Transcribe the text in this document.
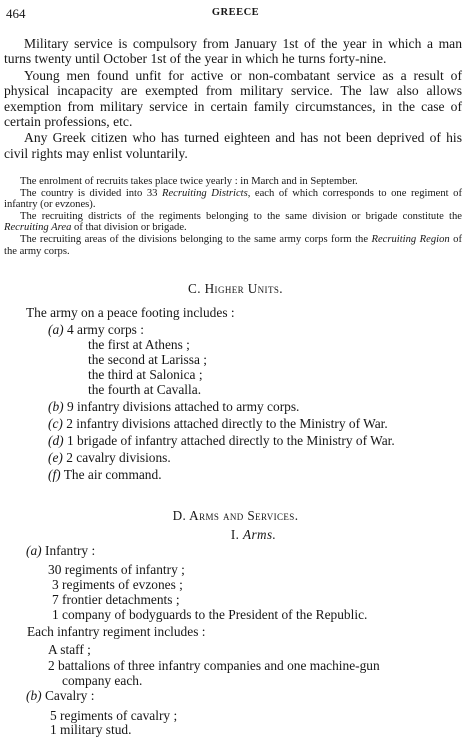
464	GREECE

Military service is compulsory from January 1st of the year in which a man turns twenty until October 1st of the year in which he turns forty-nine.

Young men found unfit for active or non-combatant service as a result of physical incapacity are exempted from military service. The law also allows exemption from military service in certain family circumstances, in the case of certain professions, etc.

Any Greek citizen who has turned eighteen and has not been deprived of his civil rights may enlist voluntarily.

The enrolment of recruits takes place twice yearly : in March and in September.

The country is divided into 33 Recruiting Districts, each of which corresponds to one regiment of infantry (or evzones).

The recruiting districts of the regiments belonging to the same division or brigade constitute the Recruiting Area of that division or brigade.

The recruiting areas of the divisions belonging to the same army corps form the Recruiting Region of the army corps.

C. Higher Units.
The army on a peace footing includes :
(a) 4 army corps :
the first at Athens ;
the second at Larissa ;
the third at Salonica ;
the fourth at Cavalla.
(b) 9 infantry divisions attached to army corps.
(c) 2 infantry divisions attached directly to the Ministry of War.
(d) 1 brigade of infantry attached directly to the Ministry of War.
(e) 2 cavalry divisions.
(f) The air command.
D. Arms and Services.
I. Arms.
(a) Infantry :
30 regiments of infantry ;
3 regiments of evzones ;
7 frontier detachments ;
1 company of bodyguards to the President of the Republic.
Each infantry regiment includes :
A staff ;
2 battalions of three infantry companies and one machine-gun
company each.
(b) Cavalry :
5 regiments of cavalry ;
1 military stud.
